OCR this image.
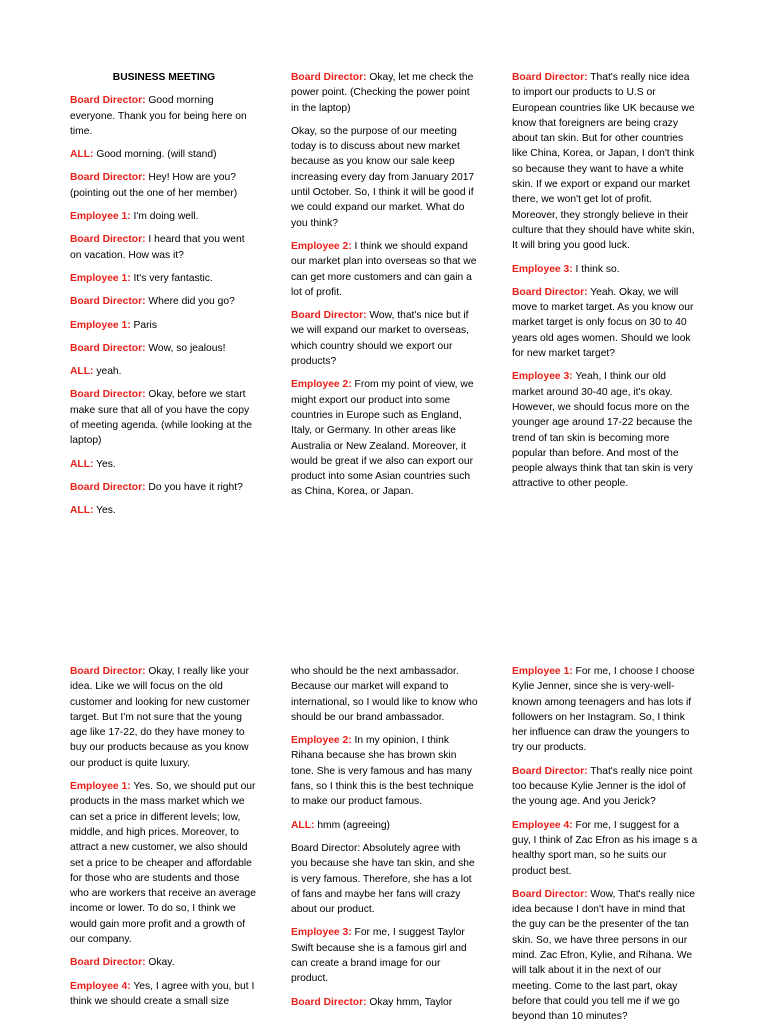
BUSINESS MEETING

Board Director: Good morning everyone. Thank you for being here on time.

ALL: Good morning. (will stand)

Board Director: Hey! How are you? (pointing out the one of her member)

Employee 1: I'm doing well.

Board Director: I heard that you went on vacation. How was it?

Employee 1: It's very fantastic.

Board Director: Where did you go?

Employee 1: Paris

Board Director: Wow, so jealous!

ALL: yeah.

Board Director: Okay, before we start make sure that all of you have the copy of meeting agenda. (while looking at the laptop)

ALL: Yes.

Board Director: Do you have it right?

ALL: Yes.

Board Director: Okay, let me check the power point. (Checking the power point in the laptop)

Okay, so the purpose of our meeting today is to discuss about new market because as you know our sale keep increasing every day from January 2017 until October. So, I think it will be good if we could expand our market. What do you think?

Employee 2: I think we should expand our market plan into overseas so that we can get more customers and can gain a lot of profit.

Board Director: Wow, that's nice but if we will expand our market to overseas, which country should we export our products?

Employee 2: From my point of view, we might export our product into some countries in Europe such as England, Italy, or Germany. In other areas like Australia or New Zealand. Moreover, it would be great if we also can export our product into some Asian countries such as China, Korea, or Japan.

Board Director: That's really nice idea to import our products to U.S or European countries like UK because we know that foreigners are being crazy about tan skin. But for other countries like China, Korea, or Japan, I don't think so because they want to have a white skin. If we export or expand our market there, we won't get lot of profit. Moreover, they strongly believe in their culture that they should have white skin, It will bring you good luck.

Employee 3: I think so.

Board Director: Yeah. Okay, we will move to market target. As you know our market target is only focus on 30 to 40 years old ages women. Should we look for new market target?

Employee 3: Yeah, I think our old market around 30-40 age, it's okay. However, we should focus more on the younger age around 17-22 because the trend of tan skin is becoming more popular than before. And most of the people always think that tan skin is very attractive to other people.

Board Director: Okay, I really like your idea. Like we will focus on the old customer and looking for new customer target. But I'm not sure that the young age like 17-22, do they have money to buy our products because as you know our product is quite luxury.

Employee 1: Yes. So, we should put our products in the mass market which we can set a price in different levels; low, middle, and high prices. Moreover, to attract a new customer, we also should set a price to be cheaper and affordable for those who are students and those who are workers that receive an average income or lower. To do so, I think we would gain more profit and a growth of our company.

Board Director: Okay.

Employee 4: Yes, I agree with you, but I think we should create a small size

who should be the next ambassador. Because our market will expand to international, so I would like to know who should be our brand ambassador.

Employee 2: In my opinion, I think Rihana because she has brown skin tone. She is very famous and has many fans, so I think this is the best technique to make our product famous.

ALL: hmm (agreeing)

Board Director: Absolutely agree with you because she have tan skin, and she is very famous. Therefore, she has a lot of fans and maybe her fans will crazy about our product.

Employee 3: For me, I suggest Taylor Swift because she is a famous girl and can create a brand image for our product.

Board Director: Okay hmm, Taylor

Employee 1: For me, I choose I choose Kylie Jenner, since she is very-well-known among teenagers and has lots if followers on her Instagram. So, I think her influence can draw the youngers to try our products.

Board Director: That's really nice point too because Kylie Jenner is the idol of the young age. And you Jerick?

Employee 4: For me, I suggest for a guy, I think of Zac Efron as his image s a healthy sport man, so he suits our product best.

Board Director: Wow, That's really nice idea because I don't have in mind that the guy can be the presenter of the tan skin. So, we have three persons in our mind. Zac Efron, Kylie, and Rihana. We will talk about it in the next of our meeting. Come to the last part, okay before that could you tell me if we go beyond than 10 minutes?
